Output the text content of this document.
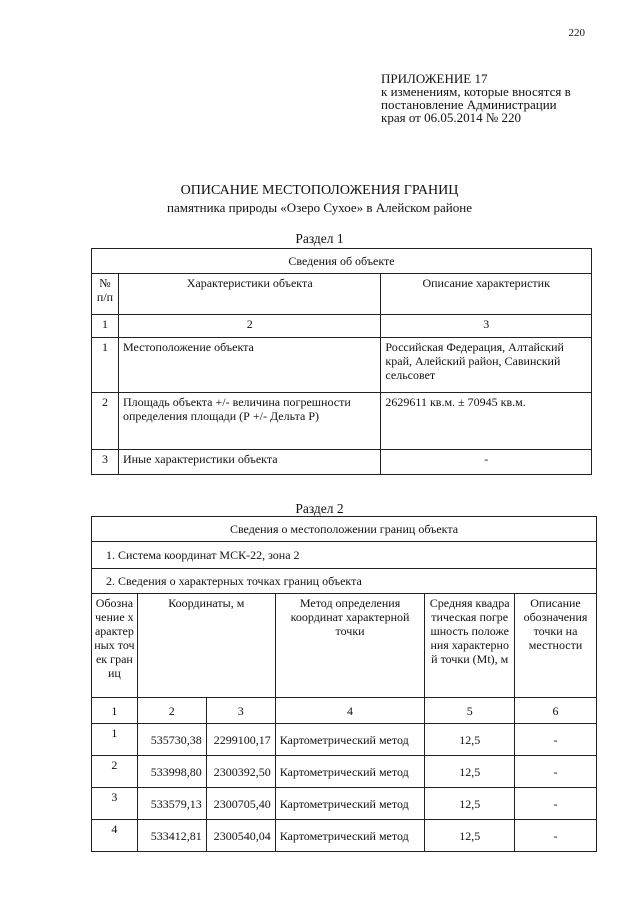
220
ПРИЛОЖЕНИЕ 17
к изменениям, которые вносятся в
постановление Администрации
края от 06.05.2014 № 220
ОПИСАНИЕ МЕСТОПОЛОЖЕНИЯ ГРАНИЦ
памятника природы «Озеро Сухое» в Алейском районе
Раздел 1
Сведения об объекте		
№ п/п	Характеристики объекта	Описание характеристик
1	2	3
1	Местоположение объекта	Российская Федерация, Алтайский край, Алейский район, Савинский сельсовет
2	Площадь объекта +/- величина погрешности определения площади (Р +/- Дельта Р)	2629611 кв.м. ± 70945 кв.м.
3	Иные характеристики объекта	-
Раздел 2
Сведения о местоположении границ объекта					
1. Система координат МСК-22, зона 2					
2. Сведения о характерных точках границ объекта					
Обозначение характерных точек границ	Координаты, м		Метод определения координат характерной точки	Средняя квадратическая погрешность положения характерной точки (Mt), м	Описание обозначения точки на местности
1	2	3	4	5	6
1	535730,38	2299100,17	Картометрический метод	12,5	-
2	533998,80	2300392,50	Картометрический метод	12,5	-
3	533579,13	2300705,40	Картометрический метод	12,5	-
4	533412,81	2300540,04	Картометрический метод	12,5	-
